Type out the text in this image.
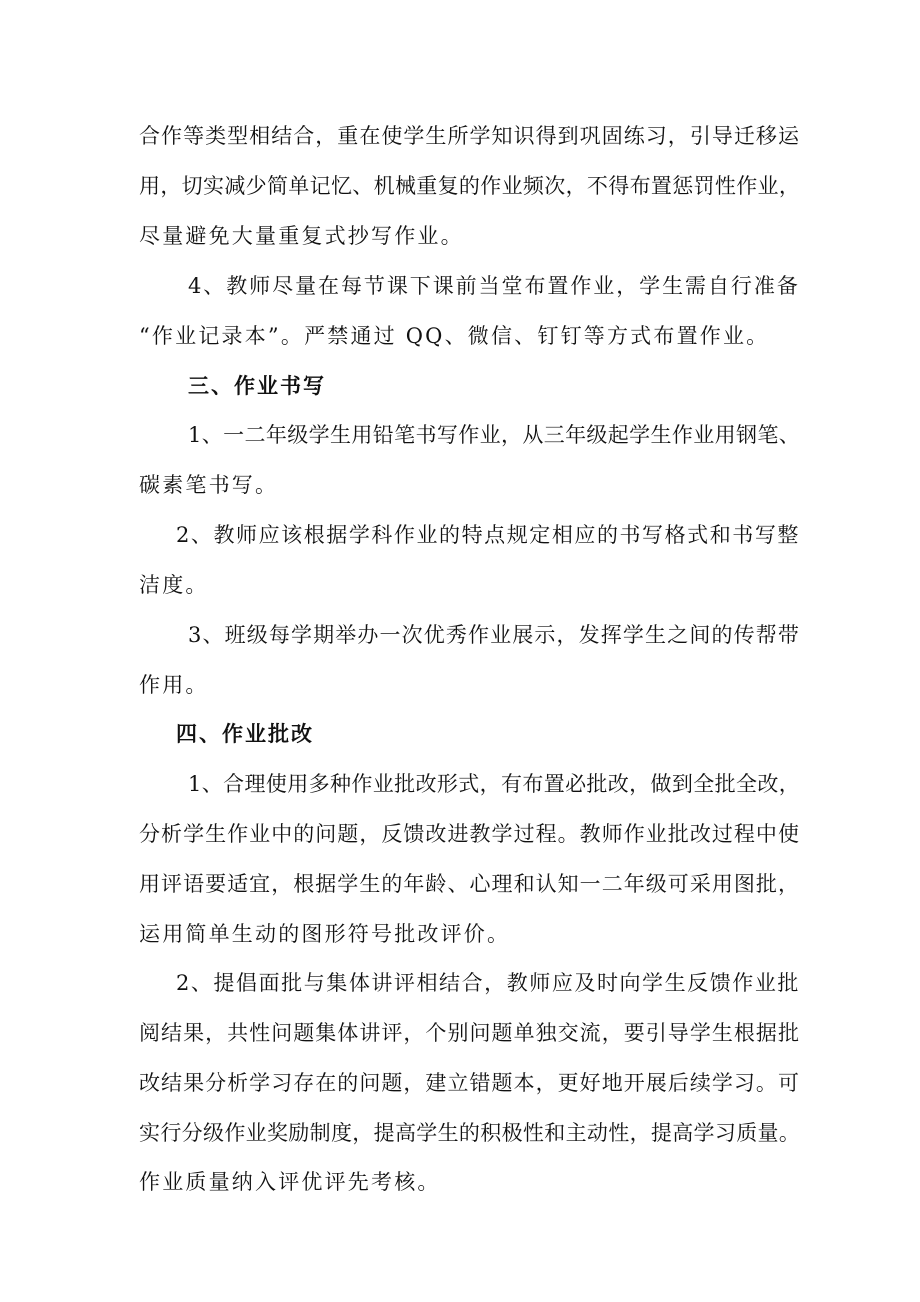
合作等类型相结合，重在使学生所学知识得到巩固练习，引导迁移运
用，切实减少简单记忆、机械重复的作业频次，不得布置惩罚性作业，
尽量避免大量重复式抄写作业。
4、教师尽量在每节课下课前当堂布置作业，学生需自行准备
“作业记录本”。严禁通过 QQ、微信、钉钉等方式布置作业。
三、作业书写
1、一二年级学生用铅笔书写作业，从三年级起学生作业用钢笔、
碳素笔书写。
2、教师应该根据学科作业的特点规定相应的书写格式和书写整
洁度。
3、班级每学期举办一次优秀作业展示，发挥学生之间的传帮带
作用。
四、作业批改
1、合理使用多种作业批改形式，有布置必批改，做到全批全改，
分析学生作业中的问题，反馈改进教学过程。教师作业批改过程中使
用评语要适宜，根据学生的年龄、心理和认知一二年级可采用图批，
运用简单生动的图形符号批改评价。
2、提倡面批与集体讲评相结合，教师应及时向学生反馈作业批
阅结果，共性问题集体讲评，个别问题单独交流，要引导学生根据批
改结果分析学习存在的问题，建立错题本，更好地开展后续学习。可
实行分级作业奖励制度，提高学生的积极性和主动性，提高学习质量。
作业质量纳入评优评先考核。
